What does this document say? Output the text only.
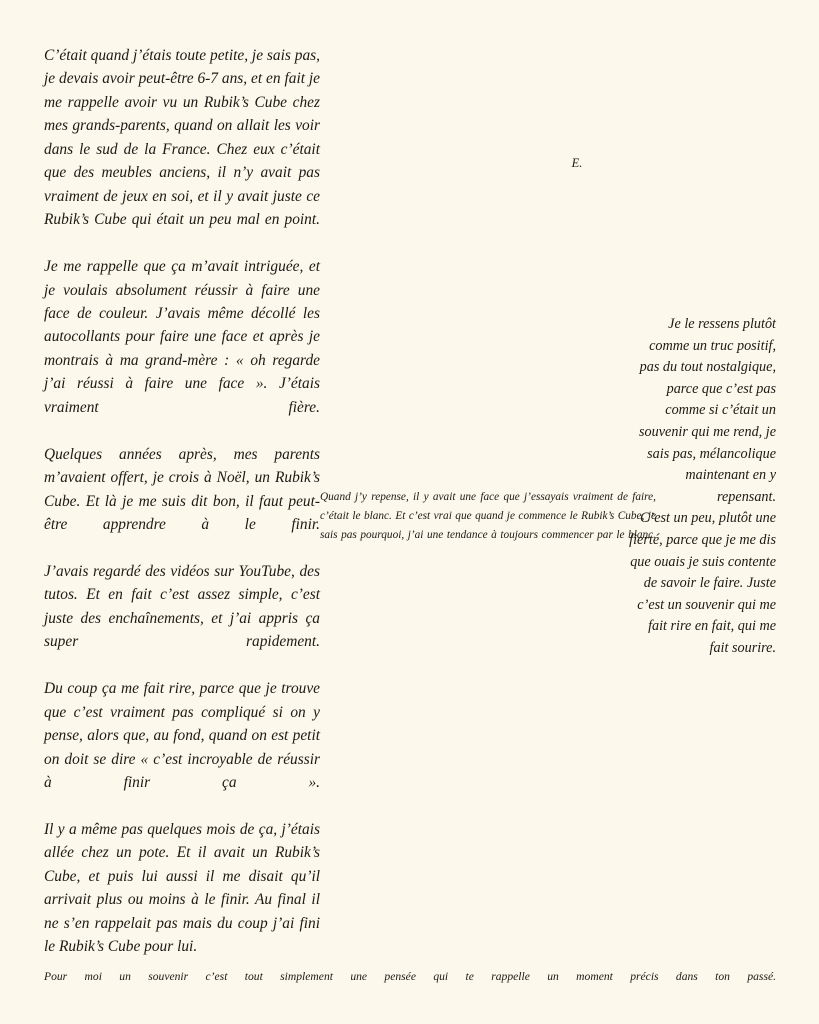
C’était quand j’étais toute petite, je sais pas, je devais avoir peut-être 6-7 ans, et en fait je me rappelle avoir vu un Rubik’s Cube chez mes grands-parents, quand on allait les voir dans le sud de la France. Chez eux c’était que des meubles anciens, il n’y avait pas vraiment de jeux en soi, et il y avait juste ce Rubik’s Cube qui était un peu mal en point.

Je me rappelle que ça m’avait intriguée, et je voulais absolument réussir à faire une face de couleur. J’avais même décollé les autocollants pour faire une face et après je montrais à ma grand-mère : « oh regarde j’ai réussi à faire une face ». J’étais vraiment fière.

Quelques années après, mes parents m’avaient offert, je crois à Noël, un Rubik’s Cube. Et là je me suis dit bon, il faut peut-être apprendre à le finir.

J’avais regardé des vidéos sur YouTube, des tutos. Et en fait c’est assez simple, c’est juste des enchaînements, et j’ai appris ça super rapidement.

Du coup ça me fait rire, parce que je trouve que c’est vraiment pas compliqué si on y pense, alors que, au fond, quand on est petit on doit se dire « c’est incroyable de réussir à finir ça ».

Il y a même pas quelques mois de ça, j’étais allée chez un pote. Et il avait un Rubik’s Cube, et puis lui aussi il me disait qu’il arrivait plus ou moins à le finir. Au final il ne s’en rappelait pas mais du coup j’ai fini le Rubik’s Cube pour lui.

E.

Je le ressens plutôt comme un truc positif, pas du tout nostalgique, parce que c’est pas comme si c’était un souvenir qui me rend, je sais pas, mélancolique maintenant en y repensant.

C’est un peu, plutôt une fierté, parce que je me dis que ouais je suis contente de savoir le faire. Juste c’est un souvenir qui me fait rire en fait, qui me fait sourire.

Quand j’y repense, il y avait une face que j’essayais vraiment de faire, c’était le blanc. Et c’est vrai que quand je commence le Rubik’s Cube, je sais pas pourquoi, j’ai une tendance à toujours commencer par le blanc.

Pour moi un souvenir c’est tout simplement une pensée qui te rappelle un moment précis dans ton passé.
